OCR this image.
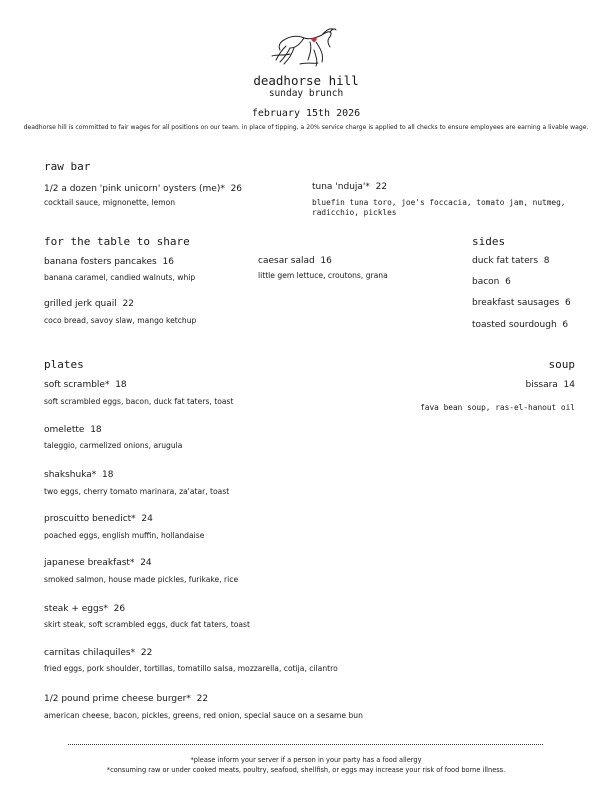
deadhorse hill
sunday brunch
february 15th 2026
deadhorse hill is committed to fair wages for all positions on our team. in place of tipping, a 20% service charge is applied to all checks to ensure employees are earning a livable wage.
raw bar
1/2 a dozen 'pink unicorn' oysters (me)* 26
cocktail sauce, mignonette, lemon
tuna 'nduja'* 22
bluefin tuna toro, joe's foccacia, tomato jam, nutmeg,
radicchio, pickles
for the table to share
banana fosters pancakes 16
banana caramel, candied walnuts, whip
caesar salad 16
little gem lettuce, croutons, grana
grilled jerk quail 22
coco bread, savoy slaw, mango ketchup
sides
duck fat taters 8
bacon 6
breakfast sausages 6
toasted sourdough 6
plates
soft scramble* 18
soft scrambled eggs, bacon, duck fat taters, toast
omelette 18
taleggio, carmelized onions, arugula
shakshuka* 18
two eggs, cherry tomato marinara, za'atar, toast
proscuitto benedict* 24
poached eggs, english muffin, hollandaise
japanese breakfast* 24
smoked salmon, house made pickles, furikake, rice
steak + eggs* 26
skirt steak, soft scrambled eggs, duck fat taters, toast
carnitas chilaquiles* 22
fried eggs, pork shoulder, tortillas, tomatillo salsa, mozzarella, cotija, cilantro
1/2 pound prime cheese burger* 22
american cheese, bacon, pickles, greens, red onion, special sauce on a sesame bun
soup
bissara 14
fava bean soup, ras-el-hanout oil
*please inform your server if a person in your party has a food allergy
*consuming raw or under cooked meats, poultry, seafood, shellfish, or eggs may increase your risk of food borne illness.
